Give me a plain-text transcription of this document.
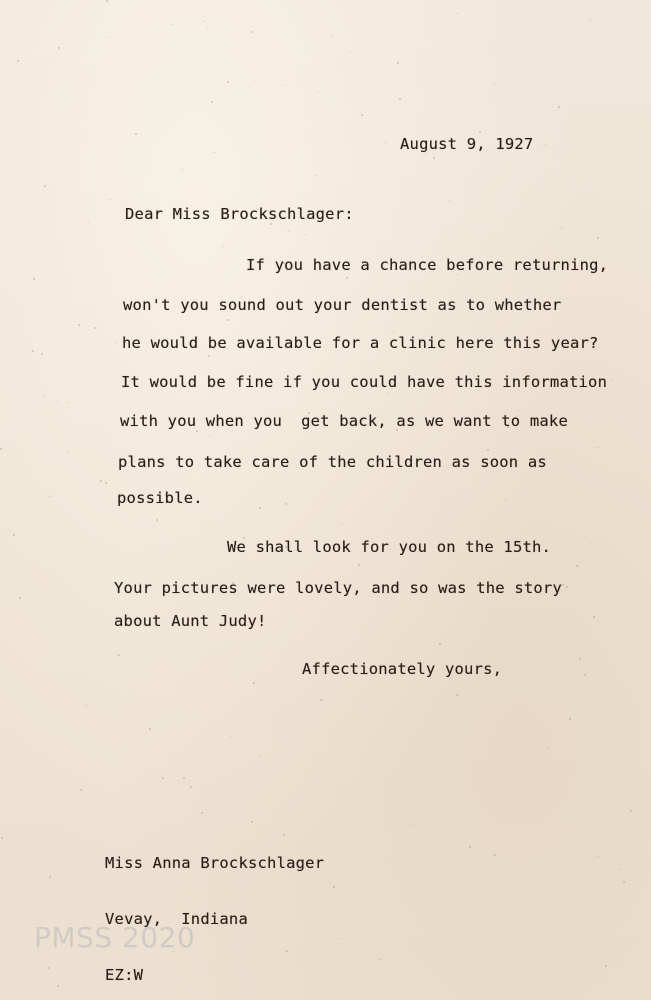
August 9, 1927
Dear Miss Brockschlager:
If you have a chance before returning,
won't you sound out your dentist as to whether
he would be available for a clinic here this year?
It would be fine if you could have this information
with you when you  get back, as we want to make
plans to take care of the children as soon as
possible.
We shall look for you on the 15th.
Your pictures were lovely, and so was the story
about Aunt Judy!
Affectionately yours,

Miss Anna Brockschlager

Vevay,  Indiana

EZ:W

PMSS 2020
